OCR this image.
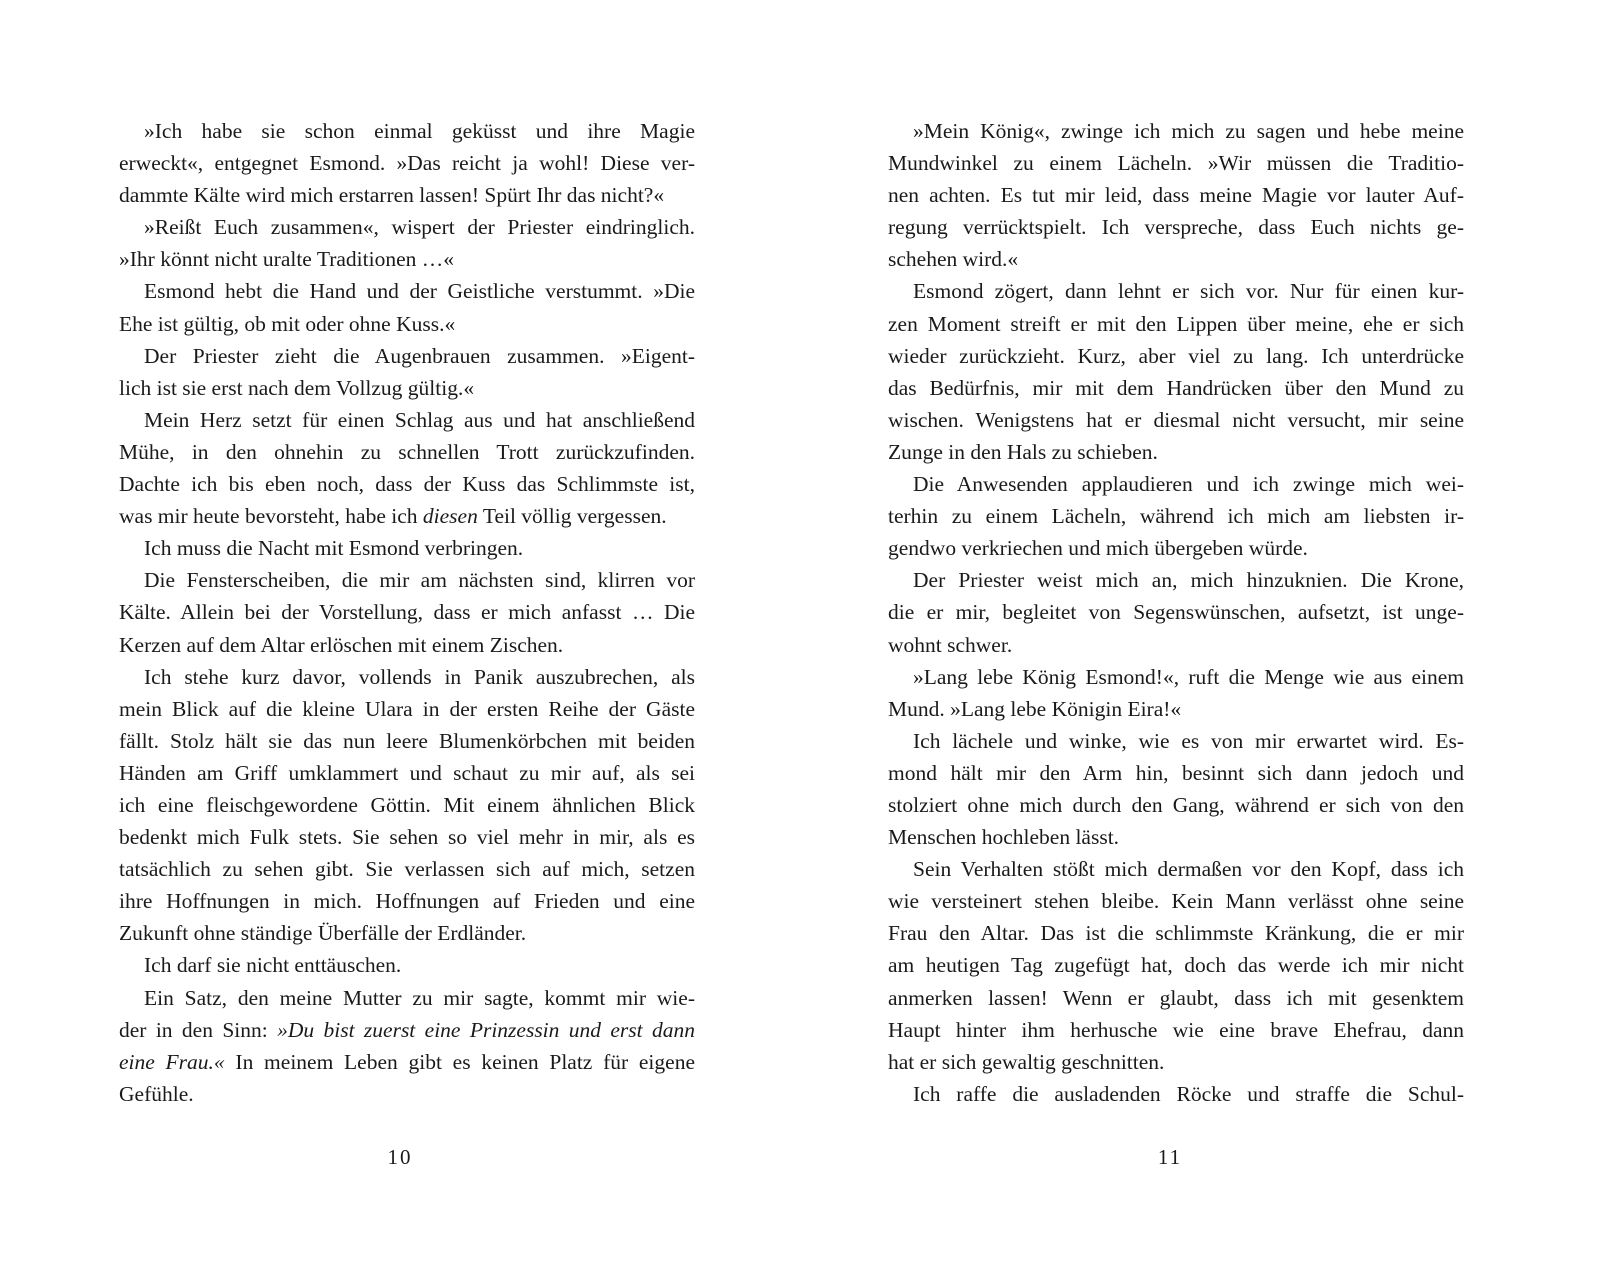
»Ich habe sie schon einmal geküsst und ihre Magie
erweckt«, entgegnet Esmond. »Das reicht ja wohl! Diese ver-
dammte Kälte wird mich erstarren lassen! Spürt Ihr das nicht?«
»Reißt Euch zusammen«, wispert der Priester eindringlich.
»Ihr könnt nicht uralte Traditionen …«
Esmond hebt die Hand und der Geistliche verstummt. »Die
Ehe ist gültig, ob mit oder ohne Kuss.«
Der Priester zieht die Augenbrauen zusammen. »Eigent-
lich ist sie erst nach dem Vollzug gültig.«
Mein Herz setzt für einen Schlag aus und hat anschließend
Mühe, in den ohnehin zu schnellen Trott zurückzufinden.
Dachte ich bis eben noch, dass der Kuss das Schlimmste ist,
was mir heute bevorsteht, habe ich diesen Teil völlig vergessen.
Ich muss die Nacht mit Esmond verbringen.
Die Fensterscheiben, die mir am nächsten sind, klirren vor
Kälte. Allein bei der Vorstellung, dass er mich anfasst … Die
Kerzen auf dem Altar erlöschen mit einem Zischen.
Ich stehe kurz davor, vollends in Panik auszubrechen, als
mein Blick auf die kleine Ulara in der ersten Reihe der Gäste
fällt. Stolz hält sie das nun leere Blumenkörbchen mit beiden
Händen am Griff umklammert und schaut zu mir auf, als sei
ich eine fleischgewordene Göttin. Mit einem ähnlichen Blick
bedenkt mich Fulk stets. Sie sehen so viel mehr in mir, als es
tatsächlich zu sehen gibt. Sie verlassen sich auf mich, setzen
ihre Hoffnungen in mich. Hoffnungen auf Frieden und eine
Zukunft ohne ständige Überfälle der Erdländer.
Ich darf sie nicht enttäuschen.
Ein Satz, den meine Mutter zu mir sagte, kommt mir wie-
der in den Sinn: »Du bist zuerst eine Prinzessin und erst dann
eine Frau.« In meinem Leben gibt es keinen Platz für eigene
Gefühle.
10
»Mein König«, zwinge ich mich zu sagen und hebe meine
Mundwinkel zu einem Lächeln. »Wir müssen die Traditio-
nen achten. Es tut mir leid, dass meine Magie vor lauter Auf-
regung verrücktspielt. Ich verspreche, dass Euch nichts ge-
schehen wird.«
Esmond zögert, dann lehnt er sich vor. Nur für einen kur-
zen Moment streift er mit den Lippen über meine, ehe er sich
wieder zurückzieht. Kurz, aber viel zu lang. Ich unterdrücke
das Bedürfnis, mir mit dem Handrücken über den Mund zu
wischen. Wenigstens hat er diesmal nicht versucht, mir seine
Zunge in den Hals zu schieben.
Die Anwesenden applaudieren und ich zwinge mich wei-
terhin zu einem Lächeln, während ich mich am liebsten ir-
gendwo verkriechen und mich übergeben würde.
Der Priester weist mich an, mich hinzuknien. Die Krone,
die er mir, begleitet von Segenswünschen, aufsetzt, ist unge-
wohnt schwer.
»Lang lebe König Esmond!«, ruft die Menge wie aus einem
Mund. »Lang lebe Königin Eira!«
Ich lächele und winke, wie es von mir erwartet wird. Es-
mond hält mir den Arm hin, besinnt sich dann jedoch und
stolziert ohne mich durch den Gang, während er sich von den
Menschen hochleben lässt.
Sein Verhalten stößt mich dermaßen vor den Kopf, dass ich
wie versteinert stehen bleibe. Kein Mann verlässt ohne seine
Frau den Altar. Das ist die schlimmste Kränkung, die er mir
am heutigen Tag zugefügt hat, doch das werde ich mir nicht
anmerken lassen! Wenn er glaubt, dass ich mit gesenktem
Haupt hinter ihm herhusche wie eine brave Ehefrau, dann
hat er sich gewaltig geschnitten.
Ich raffe die ausladenden Röcke und straffe die Schul-
11
